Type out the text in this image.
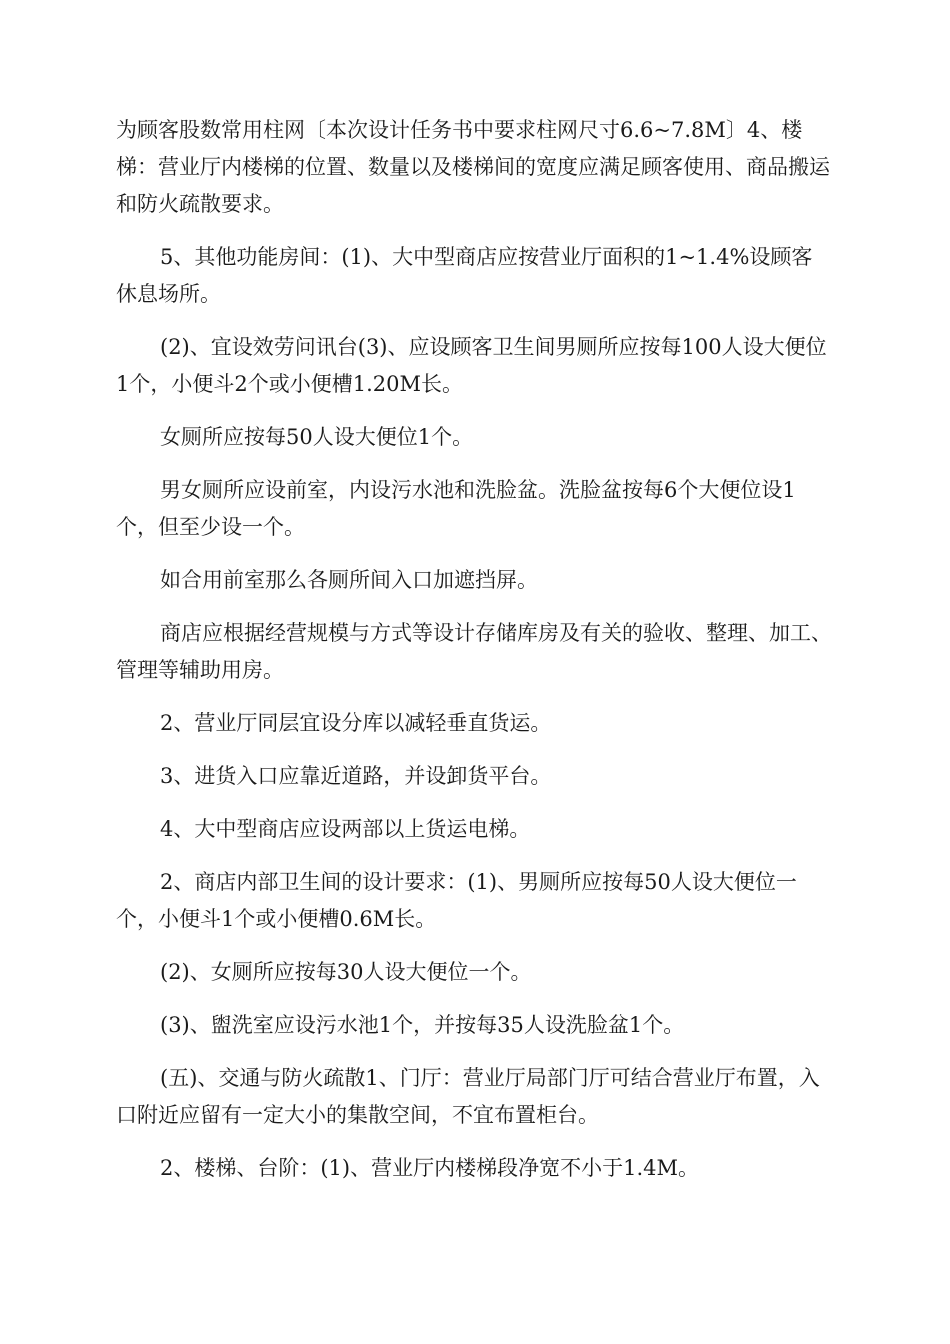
为顾客股数常用柱网〔本次设计任务书中要求柱网尺寸6.6~7.8M〕4、楼梯：营业厅内楼梯的位置、数量以及楼梯间的宽度应满足顾客使用、商品搬运和防火疏散要求。

5、其他功能房间：(1)、大中型商店应按营业厅面积的1~1.4%设顾客休息场所。

(2)、宜设效劳问讯台(3)、应设顾客卫生间男厕所应按每100人设大便位1个，小便斗2个或小便槽1.20M长。

女厕所应按每50人设大便位1个。

男女厕所应设前室，内设污水池和洗脸盆。洗脸盆按每6个大便位设1个，但至少设一个。

如合用前室那么各厕所间入口加遮挡屏。

商店应根据经营规模与方式等设计存储库房及有关的验收、整理、加工、管理等辅助用房。

2、营业厅同层宜设分库以减轻垂直货运。

3、进货入口应靠近道路，并设卸货平台。

4、大中型商店应设两部以上货运电梯。

2、商店内部卫生间的设计要求：(1)、男厕所应按每50人设大便位一个，小便斗1个或小便槽0.6M长。

(2)、女厕所应按每30人设大便位一个。

(3)、盥洗室应设污水池1个，并按每35人设洗脸盆1个。

(五)、交通与防火疏散1、门厅：营业厅局部门厅可结合营业厅布置，入口附近应留有一定大小的集散空间，不宜布置柜台。

2、楼梯、台阶：(1)、营业厅内楼梯段净宽不小于1.4M。
